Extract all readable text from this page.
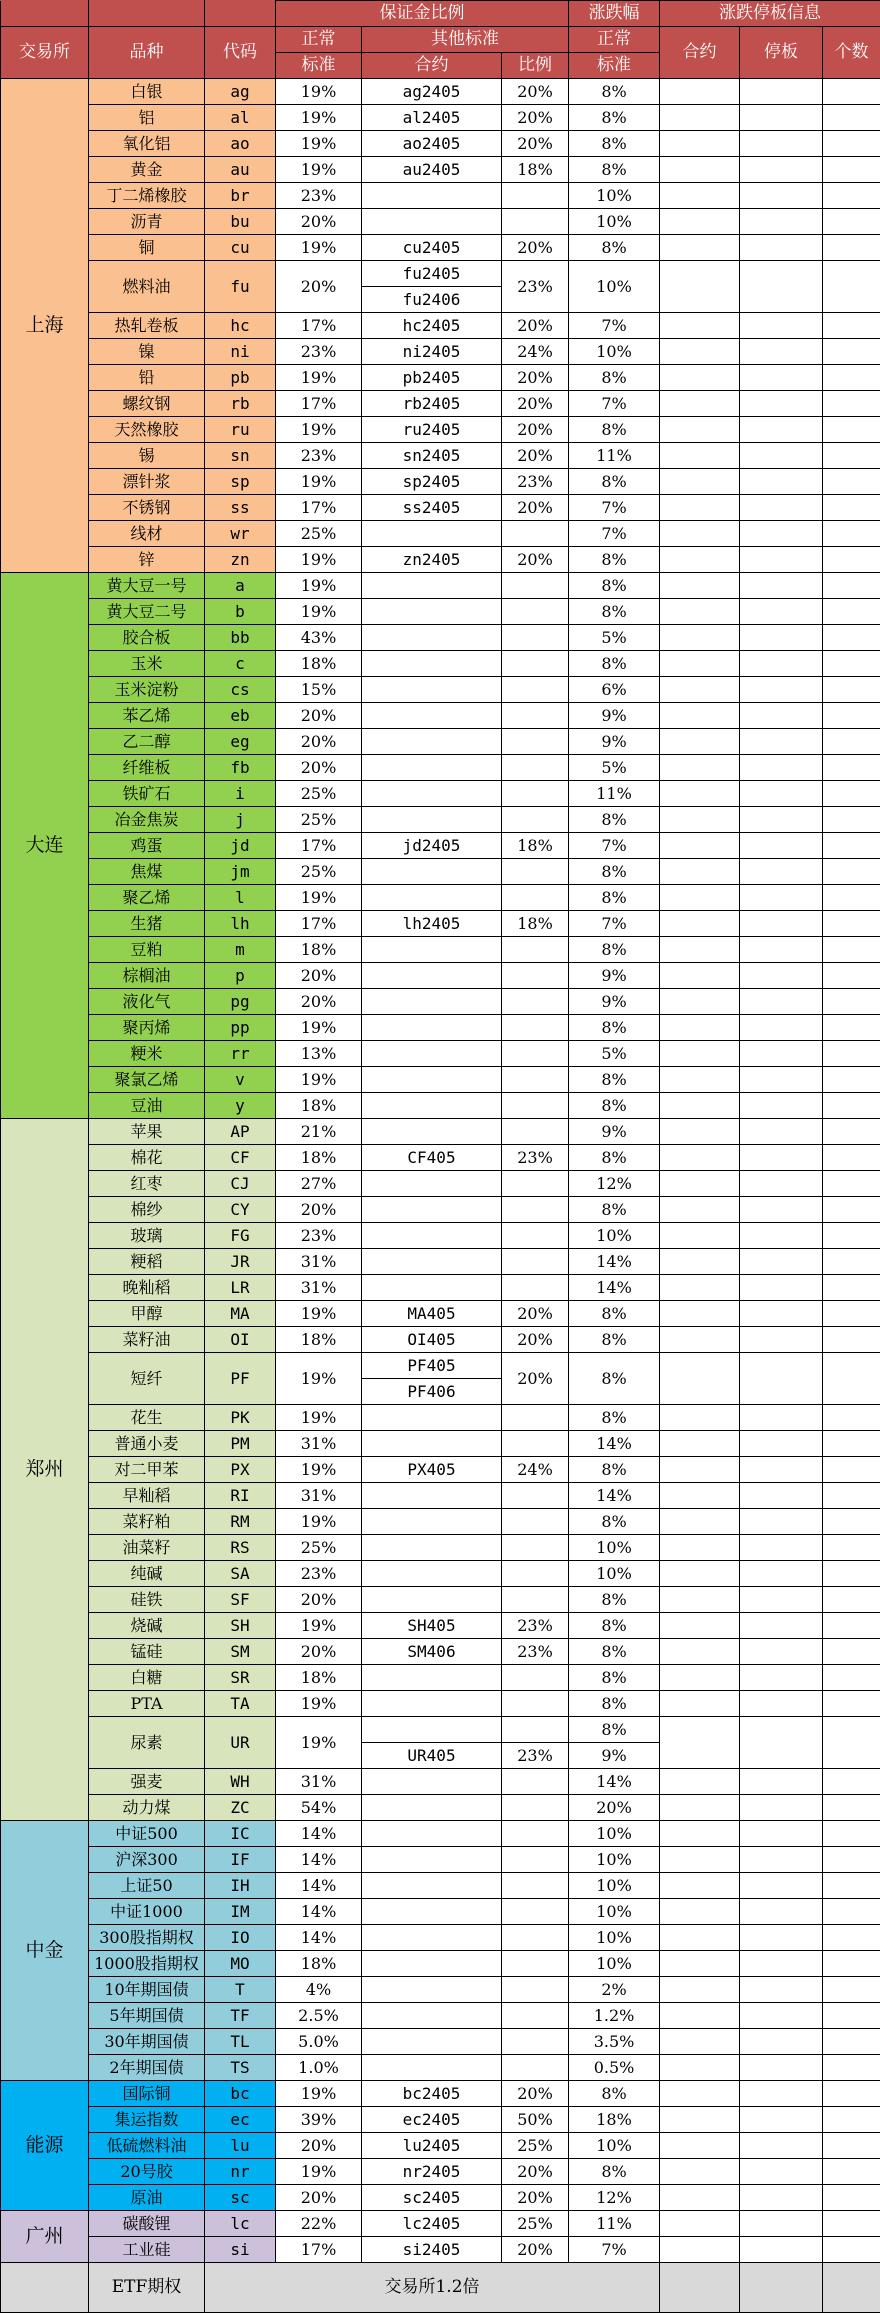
			保证金比例			涨跌幅	涨跌停板信息		
交易所	品种	代码	正常	其他标准		正常	合约	停板	个数
			标准	合约	比例	标准			
上海	白银	ag	19%	ag2405	20%	8%			
	铝	al	19%	al2405	20%	8%			
	氧化铝	ao	19%	ao2405	20%	8%			
	黄金	au	19%	au2405	18%	8%			
	丁二烯橡胶	br	23%			10%			
	沥青	bu	20%			10%			
	铜	cu	19%	cu2405	20%	8%			
	燃料油	fu	20%	fu2405	23%	10%			
				fu2406					
	热轧卷板	hc	17%	hc2405	20%	7%			
	镍	ni	23%	ni2405	24%	10%			
	铅	pb	19%	pb2405	20%	8%			
	螺纹钢	rb	17%	rb2405	20%	7%			
	天然橡胶	ru	19%	ru2405	20%	8%			
	锡	sn	23%	sn2405	20%	11%			
	漂针浆	sp	19%	sp2405	23%	8%			
	不锈钢	ss	17%	ss2405	20%	7%			
	线材	wr	25%			7%			
	锌	zn	19%	zn2405	20%	8%			
大连	黄大豆一号	a	19%			8%			
	黄大豆二号	b	19%			8%			
	胶合板	bb	43%			5%			
	玉米	c	18%			8%			
	玉米淀粉	cs	15%			6%			
	苯乙烯	eb	20%			9%			
	乙二醇	eg	20%			9%			
	纤维板	fb	20%			5%			
	铁矿石	i	25%			11%			
	冶金焦炭	j	25%			8%			
	鸡蛋	jd	17%	jd2405	18%	7%			
	焦煤	jm	25%			8%			
	聚乙烯	l	19%			8%			
	生猪	lh	17%	lh2405	18%	7%			
	豆粕	m	18%			8%			
	棕榈油	p	20%			9%			
	液化气	pg	20%			9%			
	聚丙烯	pp	19%			8%			
	粳米	rr	13%			5%			
	聚氯乙烯	v	19%			8%			
	豆油	y	18%			8%			
郑州	苹果	AP	21%			9%			
	棉花	CF	18%	CF405	23%	8%			
	红枣	CJ	27%			12%			
	棉纱	CY	20%			8%			
	玻璃	FG	23%			10%			
	粳稻	JR	31%			14%			
	晚籼稻	LR	31%			14%			
	甲醇	MA	19%	MA405	20%	8%			
	菜籽油	OI	18%	OI405	20%	8%			
	短纤	PF	19%	PF405	20%	8%			
				PF406					
	花生	PK	19%			8%			
	普通小麦	PM	31%			14%			
	对二甲苯	PX	19%	PX405	24%	8%			
	早籼稻	RI	31%			14%			
	菜籽粕	RM	19%			8%			
	油菜籽	RS	25%			10%			
	纯碱	SA	23%			10%			
	硅铁	SF	20%			8%			
	烧碱	SH	19%	SH405	23%	8%			
	锰硅	SM	20%	SM406	23%	8%			
	白糖	SR	18%			8%			
	PTA	TA	19%			8%			
	尿素	UR	19%			8%			
				UR405	23%	9%			
	强麦	WH	31%			14%			
	动力煤	ZC	54%			20%			
中金	中证500	IC	14%			10%			
	沪深300	IF	14%			10%			
	上证50	IH	14%			10%			
	中证1000	IM	14%			10%			
	300股指期权	IO	14%			10%			
	1000股指期权	MO	18%			10%			
	10年期国债	T	4%			2%			
	5年期国债	TF	2.5%			1.2%			
	30年期国债	TL	5.0%			3.5%			
	2年期国债	TS	1.0%			0.5%			
能源	国际铜	bc	19%	bc2405	20%	8%			
	集运指数	ec	39%	ec2405	50%	18%			
	低硫燃料油	lu	20%	lu2405	25%	10%			
	20号胶	nr	19%	nr2405	20%	8%			
	原油	sc	20%	sc2405	20%	12%			
广州	碳酸锂	lc	22%	lc2405	25%	11%			
	工业硅	si	17%	si2405	20%	7%			
	ETF期权	交易所1.2倍							
